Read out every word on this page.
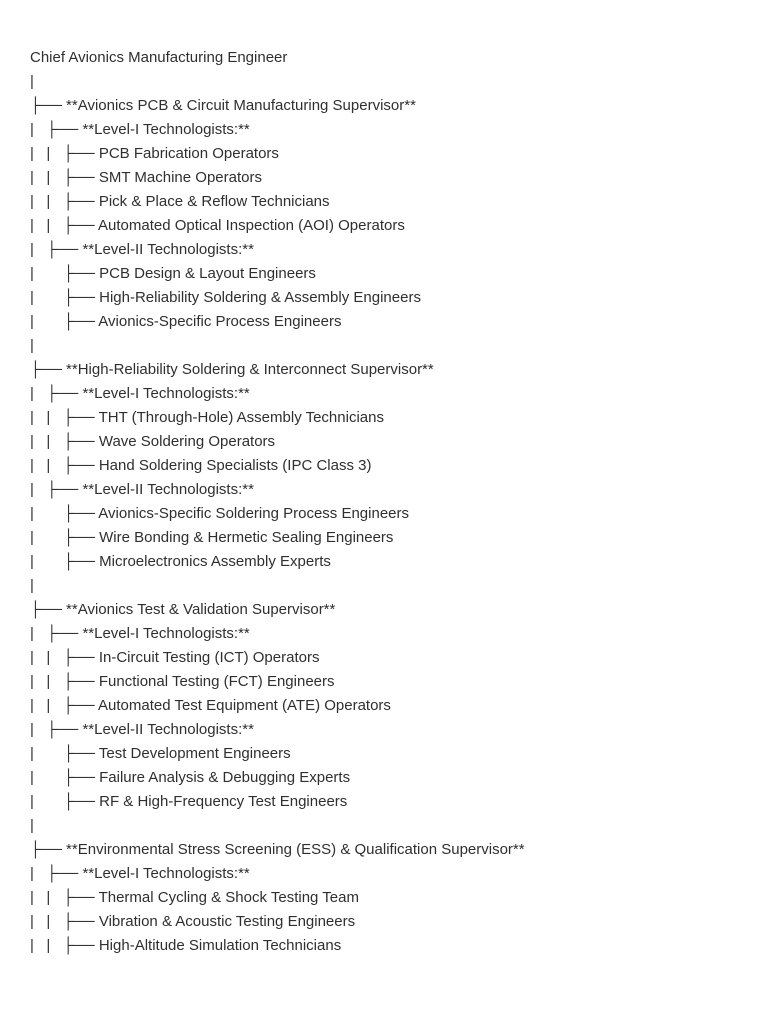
Chief Avionics Manufacturing Engineer
|
├── **Avionics PCB & Circuit Manufacturing Supervisor**
|   ├── **Level-I Technologists:**
|   |   ├── PCB Fabrication Operators
|   |   ├── SMT Machine Operators
|   |   ├── Pick & Place & Reflow Technicians
|   |   ├── Automated Optical Inspection (AOI) Operators
|   ├── **Level-II Technologists:**
|       ├── PCB Design & Layout Engineers
|       ├── High-Reliability Soldering & Assembly Engineers
|       ├── Avionics-Specific Process Engineers
|
├── **High-Reliability Soldering & Interconnect Supervisor**
|   ├── **Level-I Technologists:**
|   |   ├── THT (Through-Hole) Assembly Technicians
|   |   ├── Wave Soldering Operators
|   |   ├── Hand Soldering Specialists (IPC Class 3)
|   ├── **Level-II Technologists:**
|       ├── Avionics-Specific Soldering Process Engineers
|       ├── Wire Bonding & Hermetic Sealing Engineers
|       ├── Microelectronics Assembly Experts
|
├── **Avionics Test & Validation Supervisor**
|   ├── **Level-I Technologists:**
|   |   ├── In-Circuit Testing (ICT) Operators
|   |   ├── Functional Testing (FCT) Engineers
|   |   ├── Automated Test Equipment (ATE) Operators
|   ├── **Level-II Technologists:**
|       ├── Test Development Engineers
|       ├── Failure Analysis & Debugging Experts
|       ├── RF & High-Frequency Test Engineers
|
├── **Environmental Stress Screening (ESS) & Qualification Supervisor**
|   ├── **Level-I Technologists:**
|   |   ├── Thermal Cycling & Shock Testing Team
|   |   ├── Vibration & Acoustic Testing Engineers
|   |   ├── High-Altitude Simulation Technicians
